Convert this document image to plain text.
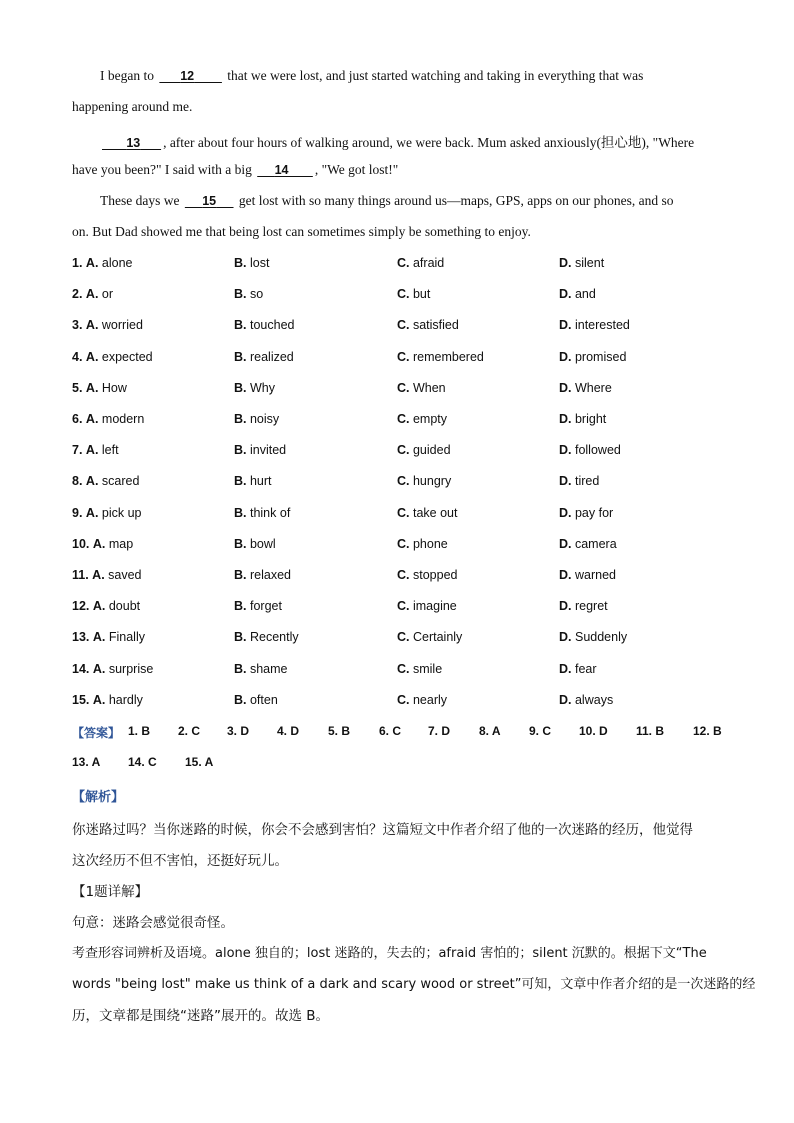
I began to       12         that we were lost, and just started watching and taking in everything that was
happening around me.
13 , after about four hours of walking around, we were back. Mum asked anxiously(担心地), "Where
have you been?" I said with a big      14 , "We got lost!"
These days we      15      get lost with so many things around us—maps, GPS, apps on our phones, and so
on. But Dad showed me that being lost can sometimes simply be something to enjoy.
1. A. alone	B. lost	C. afraid	D. silent
2. A. or	B. so	C. but	D. and
3. A. worried	B. touched	C. satisfied	D. interested
4. A. expected	B. realized	C. remembered	D. promised
5. A. How	B. Why	C. When	D. Where
6. A. modern	B. noisy	C. empty	D. bright
7. A. left	B. invited	C. guided	D. followed
8. A. scared	B. hurt	C. hungry	D. tired
9. A. pick up	B. think of	C. take out	D. pay for
10. A. map	B. bowl	C. phone	D. camera
11. A. saved	B. relaxed	C. stopped	D. warned
12. A. doubt	B. forget	C. imagine	D. regret
13. A. Finally	B. Recently	C. Certainly	D. Suddenly
14. A. surprise	B. shame	C. smile	D. fear
15. A. hardly	B. often	C. nearly	D. always
【答案】 1. B 2. C 3. D 4. D 5. B 6. C 7. D 8. A 9. C 10. D 11. B 12. B
13. A 14. C 15. A
【解析】
你迷路过吗？当你迷路的时候，你会不会感到害怕？这篇短文中作者介绍了他的一次迷路的经历，他觉得
这次经历不但不害怕，还挺好玩儿。
【1题详解】
句意：迷路会感觉很奇怪。
考查形容词辨析及语境。alone 独自的；lost 迷路的，失去的；afraid 害怕的；silent 沉默的。根据下文“The
words "being lost" make us think of a dark and scary wood or street”可知，文章中作者介绍的是一次迷路的经
历，文章都是围绕“迷路”展开的。故选 B。
